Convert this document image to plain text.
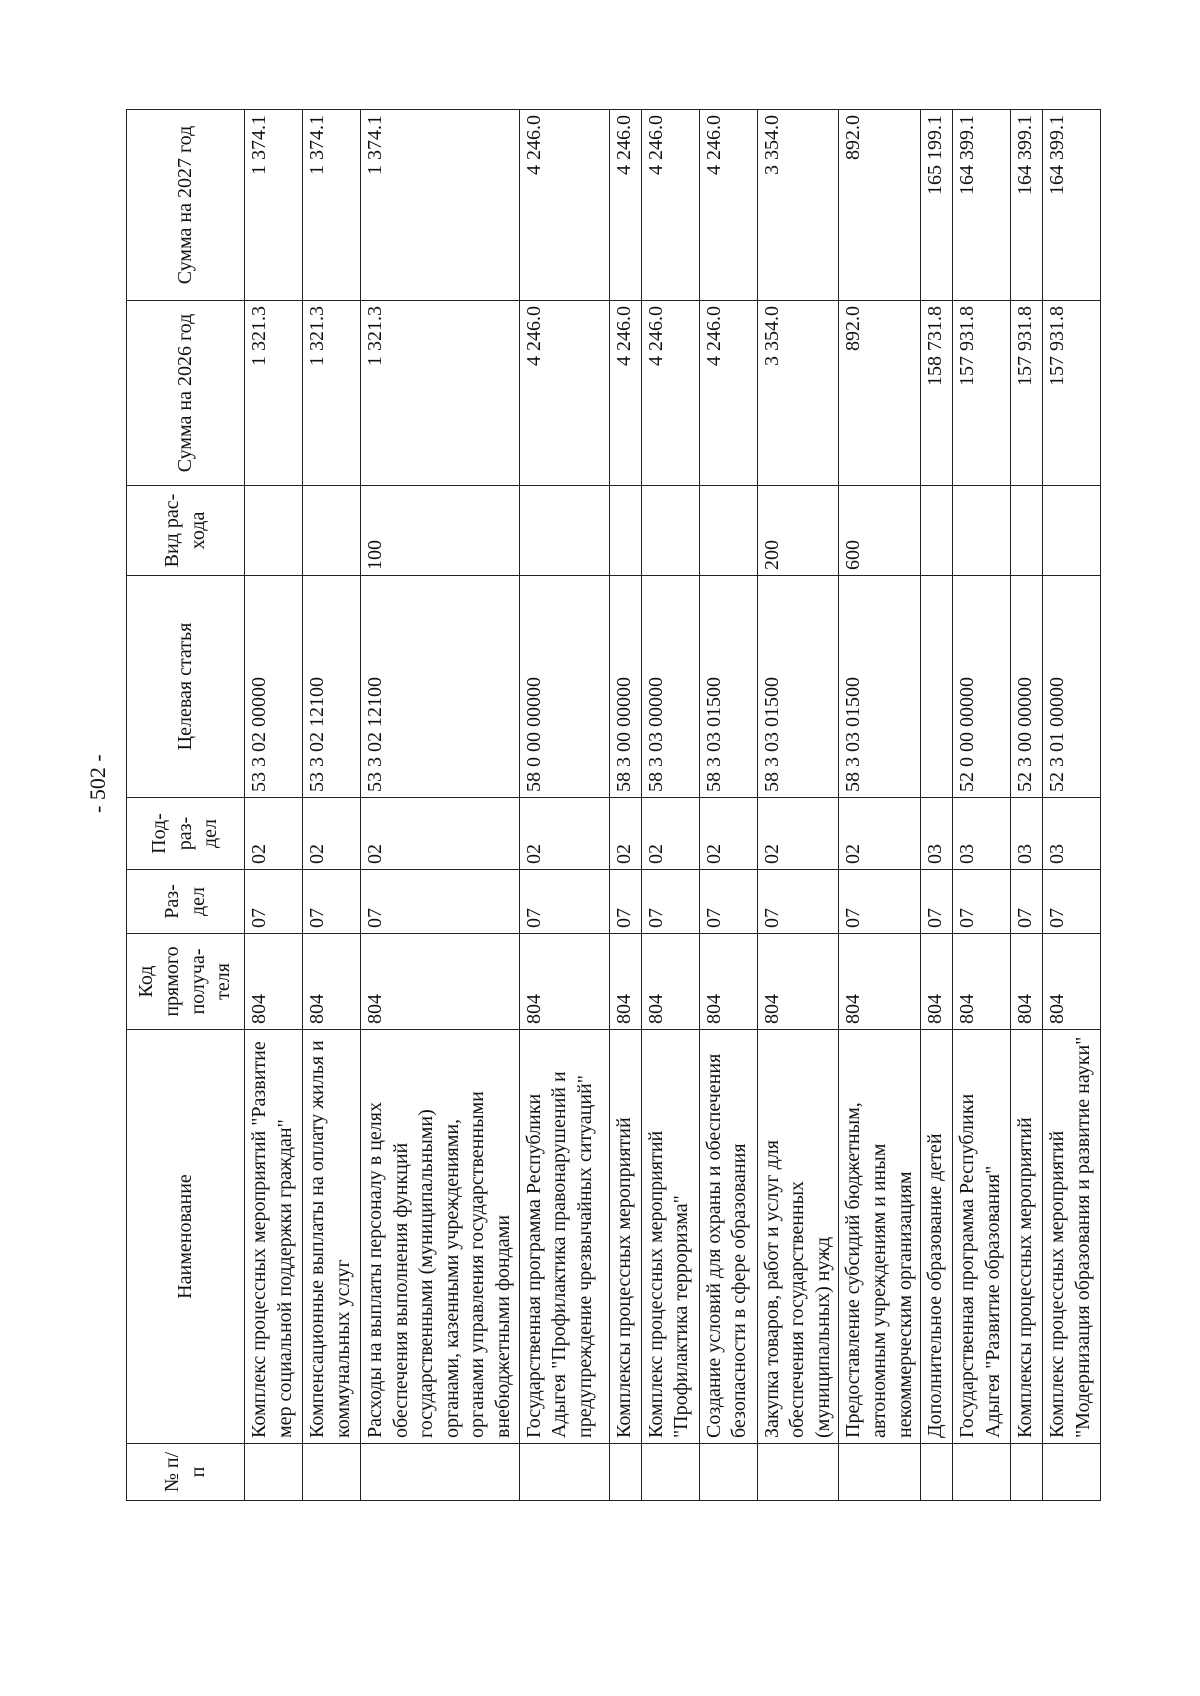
- 502 -
№ п/п	Наименование	Код прямого получа-теля	Раз-дел	Под-раз-дел	Целевая статья	Вид рас-хода	Сумма на 2026 год	Сумма на 2027 год
	Комплекс процессных мероприятий "Развитие мер социальной поддержки граждан"	804	07	02	53 3 02 00000		1 321.3	1 374.1
	Компенсационные выплаты на оплату жилья и коммунальных услуг	804	07	02	53 3 02 12100		1 321.3	1 374.1
	Расходы на выплаты персоналу в целях обеспечения выполнения функций государственными (муниципальными) органами, казенными учреждениями, органами управления государственными внебюджетными фондами	804	07	02	53 3 02 12100	100	1 321.3	1 374.1
	Государственная программа Республики Адыгея "Профилактика правонарушений и предупреждение чрезвычайных ситуаций"	804	07	02	58 0 00 00000		4 246.0	4 246.0
	Комплексы процессных мероприятий	804	07	02	58 3 00 00000		4 246.0	4 246.0
	Комплекс процессных мероприятий "Профилактика терроризма"	804	07	02	58 3 03 00000		4 246.0	4 246.0
	Создание условий для охраны и обеспечения безопасности в сфере образования	804	07	02	58 3 03 01500		4 246.0	4 246.0
	Закупка товаров, работ и услуг для обеспечения государственных (муниципальных) нужд	804	07	02	58 3 03 01500	200	3 354.0	3 354.0
	Предоставление субсидий бюджетным, автономным учреждениям и иным некоммерческим организациям	804	07	02	58 3 03 01500	600	892.0	892.0
	Дополнительное образование детей	804	07	03			158 731.8	165 199.1
	Государственная программа Республики Адыгея "Развитие образования"	804	07	03	52 0 00 00000		157 931.8	164 399.1
	Комплексы процессных мероприятий	804	07	03	52 3 00 00000		157 931.8	164 399.1
	Комплекс процессных мероприятий "Модернизация образования и развитие науки"	804	07	03	52 3 01 00000		157 931.8	164 399.1
